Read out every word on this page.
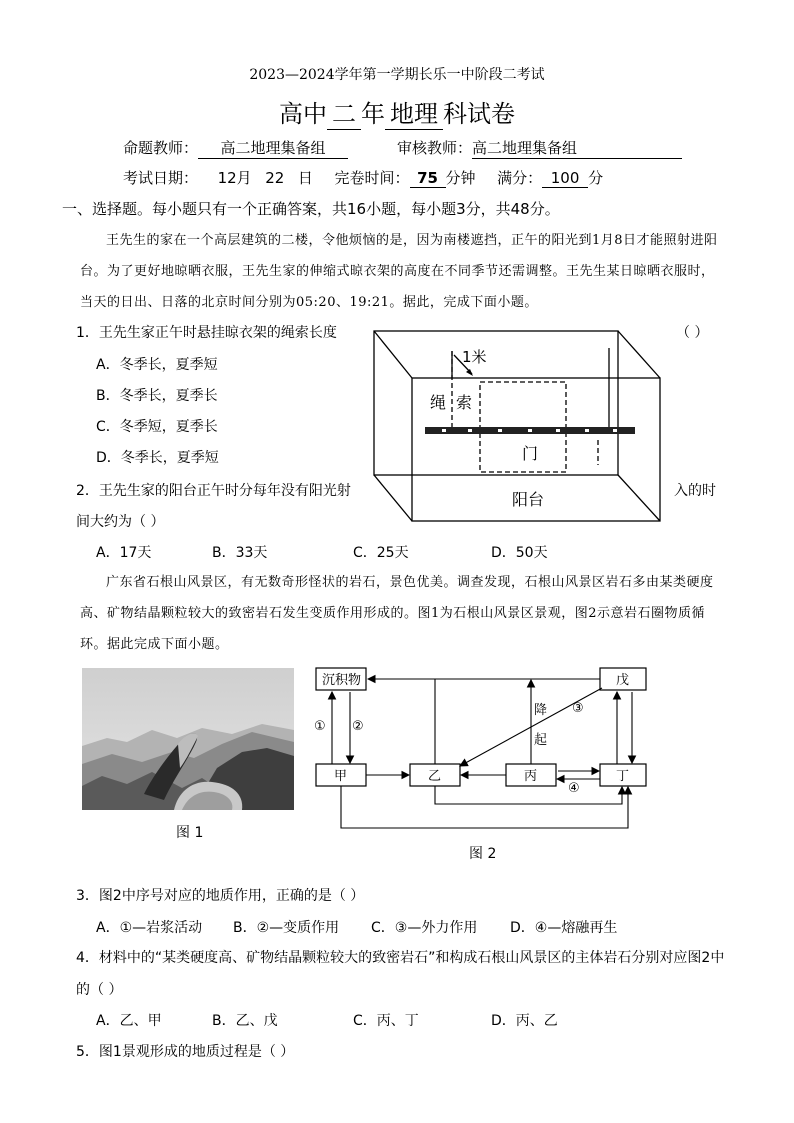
2023—2024学年第一学期长乐一中阶段二考试
高中 二 年 地理 科试卷
命题教师： 高二地理集备组	审核教师：高二地理集备组
考试日期： 12月 22 日 完卷时间： 75 分钟 满分： 100 分
一、选择题。每小题只有一个正确答案，共16小题，每小题3分，共48分。
王先生的家在一个高层建筑的二楼，令他烦恼的是，因为南楼遮挡，正午的阳光到1月8日才能照射进阳台。为了更好地晾晒衣服，王先生家的伸缩式晾衣架的高度在不同季节还需调整。王先生某日晾晒衣服时，当天的日出、日落的北京时间分别为05:20、19:21。据此，完成下面小题。
1．王先生家正午时悬挂晾衣架的绳索长度	（ ）
A．冬季长，夏季短
B．冬季长，夏季长
C．冬季短，夏季长
D．冬季长，夏季短
1米
绳 索
门
阳台
2．王先生家的阳台正午时分每年没有阳光射	入的时
间大约为（ ）
A．17天	B．33天	C．25天	D．50天
广东省石根山风景区，有无数奇形怪状的岩石，景色优美。调查发现，石根山风景区岩石多由某类硬度高、矿物结晶颗粒较大的致密岩石发生变质作用形成的。图1为石根山风景区景观，图2示意岩石圈物质循环。据此完成下面小题。
图 1
沉积物	戊
甲	乙	丙	丁
① ②
③
④
降
起
图 2
3．图2中序号对应的地质作用，正确的是（ ）
A．①—岩浆活动 B．②—变质作用 C．③—外力作用 D．④—熔融再生
4．材料中的“某类硬度高、矿物结晶颗粒较大的致密岩石”和构成石根山风景区的主体岩石分别对应图2中
的（ ）
A．乙、甲	B．乙、戊	C．丙、丁	D．丙、乙
5．图1景观形成的地质过程是（ ）
